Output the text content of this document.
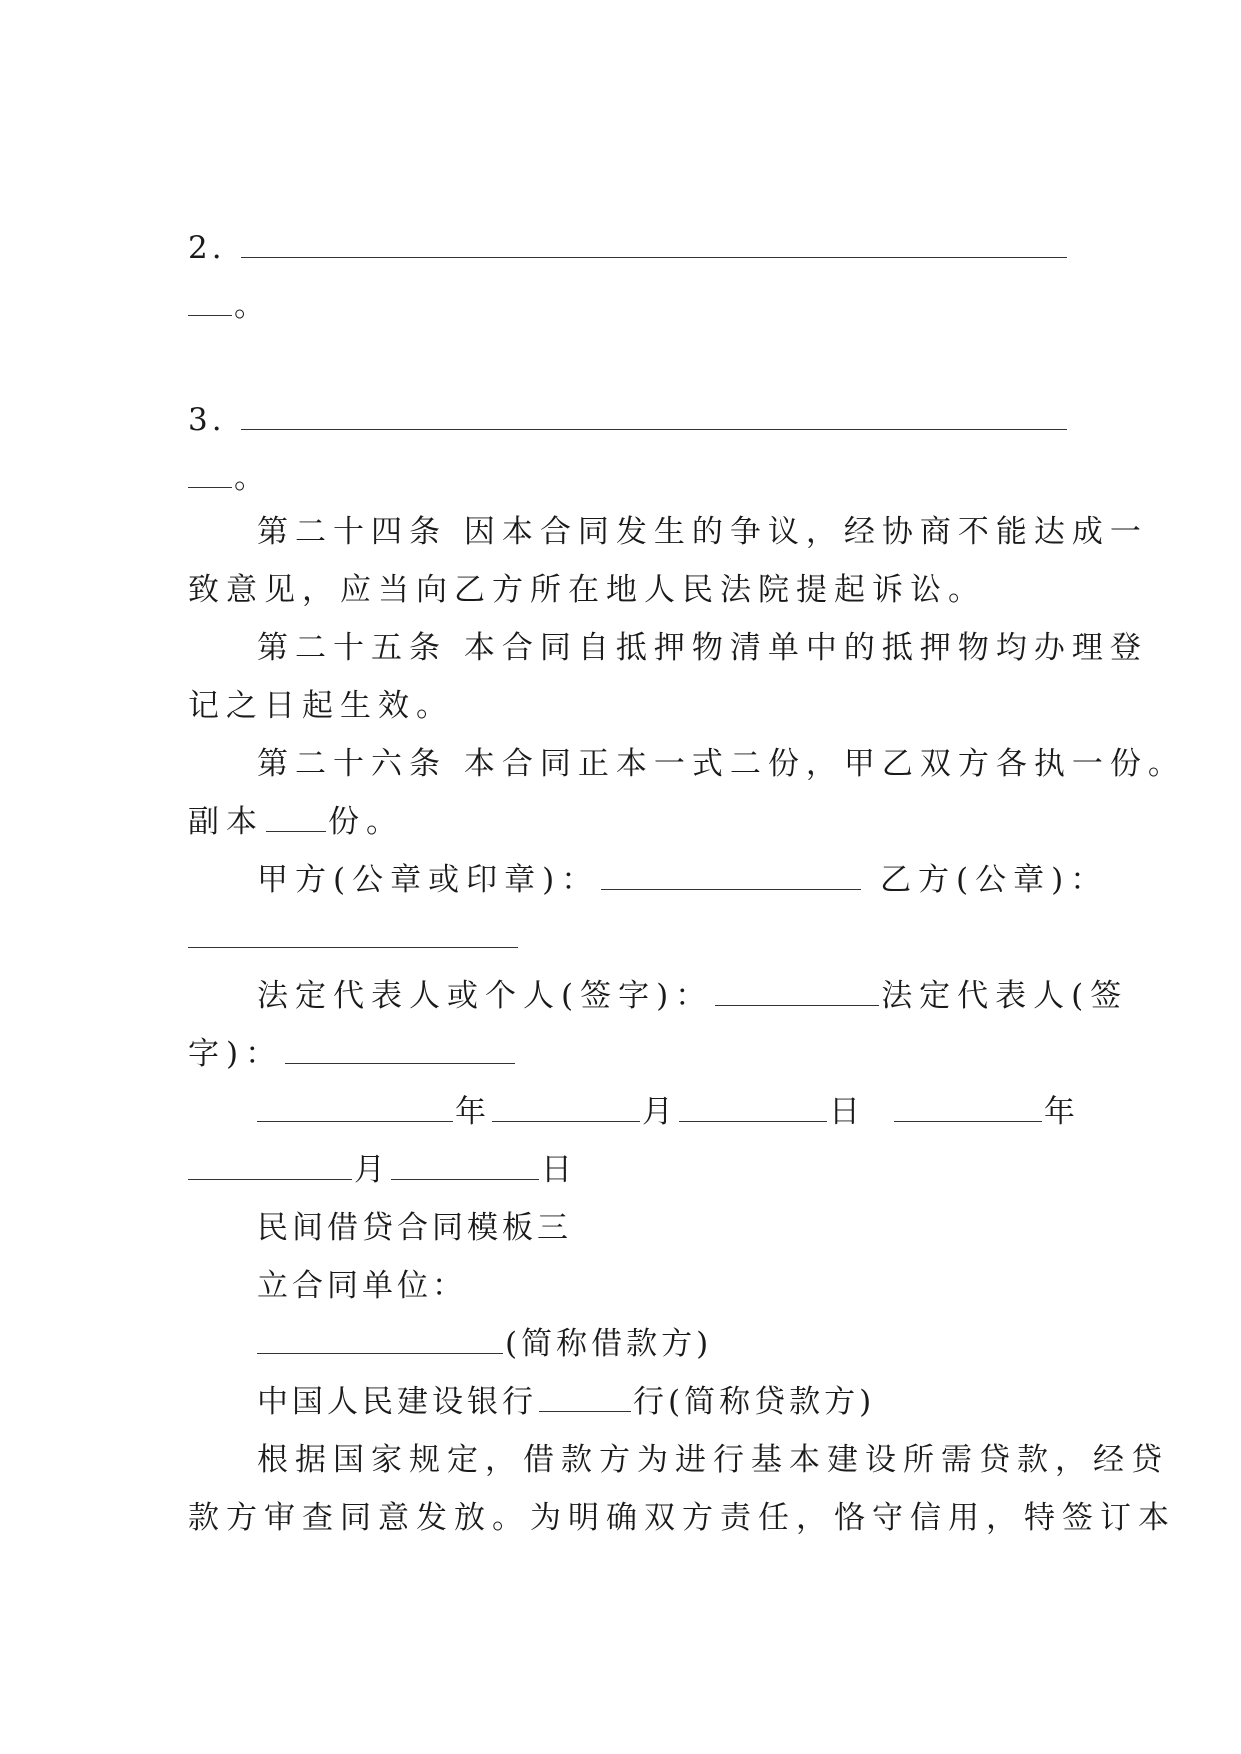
2.
。
3.
。
第二十四条 因本合同发生的争议，经协商不能达成一
致意见，应当向乙方所在地人民法院提起诉讼。
第二十五条 本合同自抵押物清单中的抵押物均办理登
记之日起生效。
第二十六条 本合同正本一式二份，甲乙双方各执一份。
副本 份。
甲方(公章或印章)：	乙方(公章)：
法定代表人或个人(签字)：	法定代表人(签
字)：
年	月	日	年
月	日
民间借贷合同模板三
立合同单位：
(简称借款方)
中国人民建设银行	行(简称贷款方)
根据国家规定，借款方为进行基本建设所需贷款，经贷
款方审查同意发放。为明确双方责任，恪守信用，特签订本
